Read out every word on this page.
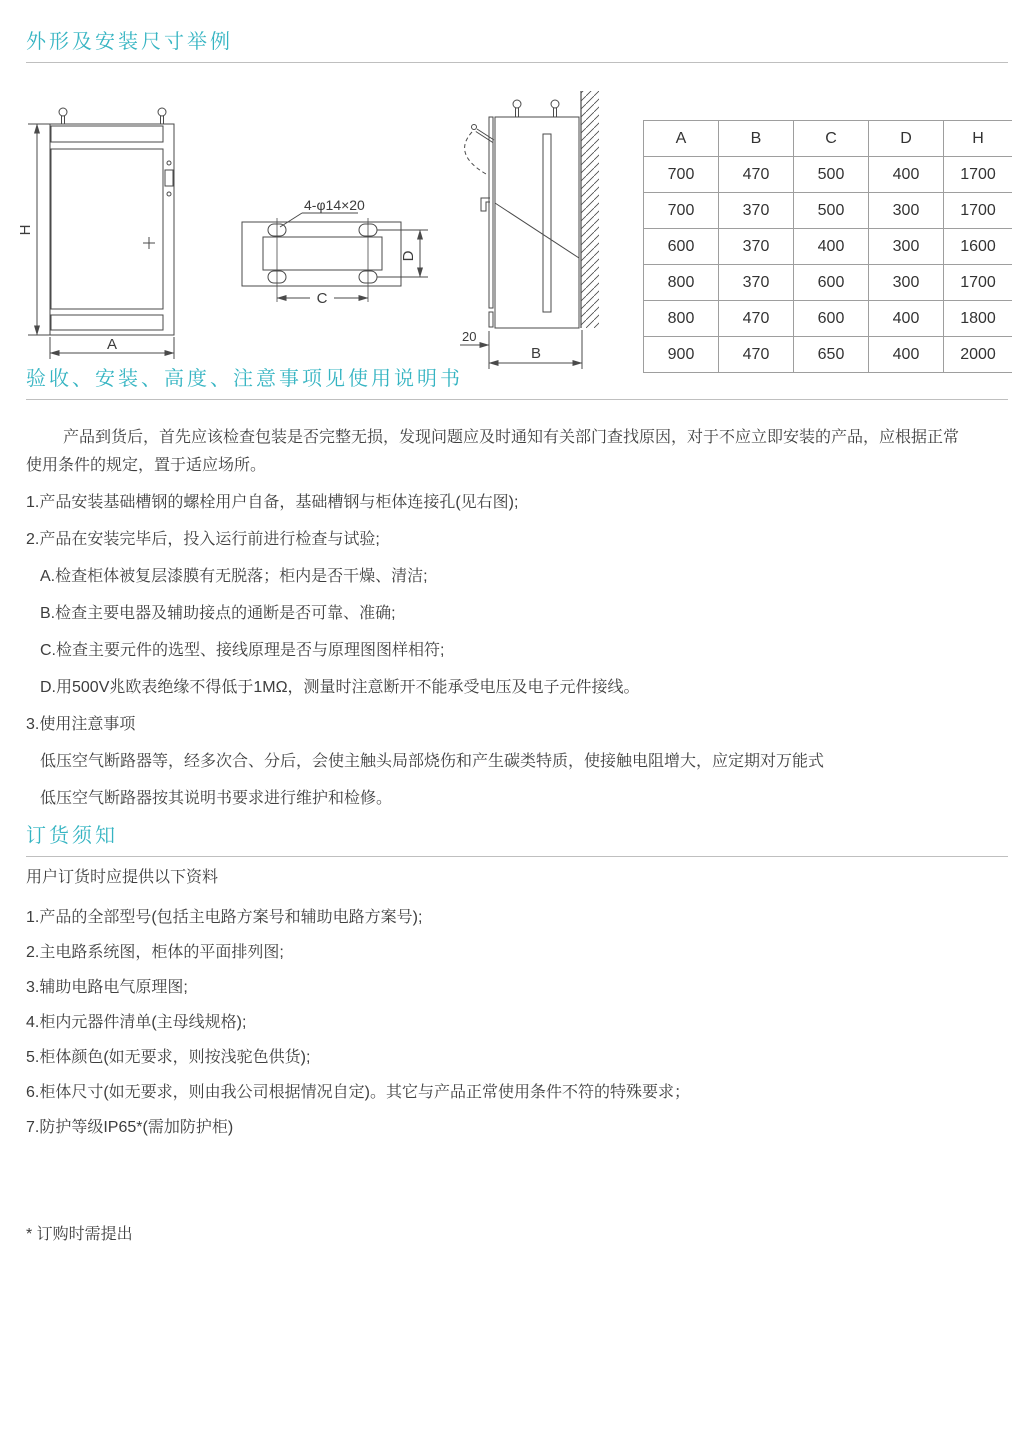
外形及安装尺寸举例
H
A
4-φ14×20
C
D
20
B
A	B	C	D	H
700	470	500	400	1700
700	370	500	300	1700
600	370	400	300	1600
800	370	600	300	1700
800	470	600	400	1800
900	470	650	400	2000
验收、安装、高度、注意事项见使用说明书

产品到货后，首先应该检查包装是否完整无损，发现问题应及时通知有关部门查找原因，对于不应立即安装的产品，应根据正常

使用条件的规定，置于适应场所。

1.产品安装基础槽钢的螺栓用户自备，基础槽钢与柜体连接孔(见右图);

2.产品在安装完毕后，投入运行前进行检查与试验;

A.检查柜体被复层漆膜有无脱落；柜内是否干燥、清洁;

B.检查主要电器及辅助接点的通断是否可靠、准确;

C.检查主要元件的选型、接线原理是否与原理图图样相符;

D.用500V兆欧表绝缘不得低于1MΩ，测量时注意断开不能承受电压及电子元件接线。

3.使用注意事项

低压空气断路器等，经多次合、分后，会使主触头局部烧伤和产生碳类特质，使接触电阻增大，应定期对万能式

低压空气断路器按其说明书要求进行维护和检修。

订货须知

用户订货时应提供以下资料

1.产品的全部型号(包括主电路方案号和辅助电路方案号);

2.主电路系统图，柜体的平面排列图;

3.辅助电路电气原理图;

4.柜内元器件清单(主母线规格);

5.柜体颜色(如无要求，则按浅驼色供货);

6.柜体尺寸(如无要求，则由我公司根据情况自定)。其它与产品正常使用条件不符的特殊要求；

7.防护等级IP65*(需加防护柜)

* 订购时需提出
